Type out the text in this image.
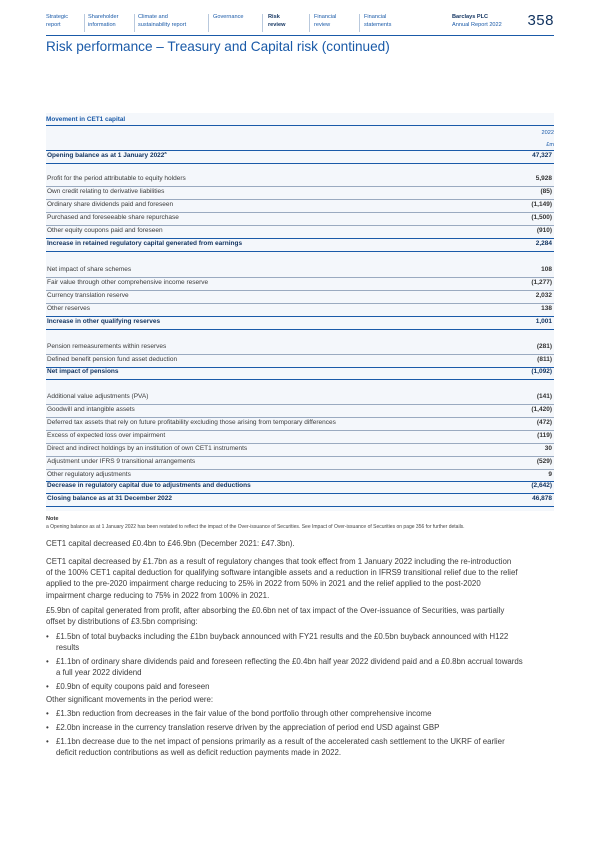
Strategic
report
Shareholder
information
Climate and
sustainability report
Governance	Risk
review
Financial
review
Financial
statements
Barclays PLC
Annual Report 2022 358
Risk performance – Treasury and Capital risk (continued)
Movement in CET1 capital
2022
£m
Opening balance as at 1 January 2022$^a$	47,327
Profit for the period attributable to equity holders	5,928
Own credit relating to derivative liabilities	(85)
Ordinary share dividends paid and foreseen	(1,149)
Purchased and foreseeable share repurchase	(1,500)
Other equity coupons paid and foreseen	(910)
Increase in retained regulatory capital generated from earnings	2,284
Net impact of share schemes	108
Fair value through other comprehensive income reserve	(1,277)
Currency translation reserve	2,032
Other reserves	138
Increase in other qualifying reserves	1,001
Pension remeasurements within reserves	(281)
Defined benefit pension fund asset deduction	(811)
Net impact of pensions	(1,092)
Additional value adjustments (PVA)	(141)
Goodwill and intangible assets	(1,420)
Deferred tax assets that rely on future profitability excluding those arising from temporary differences	(472)
Excess of expected loss over impairment	(119)
Direct and indirect holdings by an institution of own CET1 instruments	30
Adjustment under IFRS 9 transitional arrangements	(529)
Other regulatory adjustments	9
Decrease in regulatory capital due to adjustments and deductions	(2,642)
Closing balance as at 31 December 2022	46,878
Note
a Opening balance as at 1 January 2022 has been restated to reflect the impact of the Over-issuance of Securities. See Impact of Over-issuance of Securities on page 356 for further details.
CET1 capital decreased £0.4bn to £46.9bn (December 2021: £47.3bn).
CET1 capital decreased by £1.7bn as a result of regulatory changes that took effect from 1 January 2022 including the re-introduction
of the 100% CET1 capital deduction for qualifying software intangible assets and a reduction in IFRS9 transitional relief due to the relief
applied to the pre-2020 impairment charge reducing to 25% in 2022 from 50% in 2021 and the relief applied to the post-2020
impairment charge reducing to 75% in 2022 from 100% in 2021.
£5.9bn of capital generated from profit, after absorbing the £0.6bn net of tax impact of the Over-issuance of Securities, was partially
offset by distributions of £3.5bn comprising:
• £1.5bn of total buybacks including the £1bn buyback announced with FY21 results and the £0.5bn buyback announced with H122
results
• £1.1bn of ordinary share dividends paid and foreseen reflecting the £0.4bn half year 2022 dividend paid and a £0.8bn accrual towards
a full year 2022 dividend
• £0.9bn of equity coupons paid and foreseen
Other significant movements in the period were:
• £1.3bn reduction from decreases in the fair value of the bond portfolio through other comprehensive income
• £2.0bn increase in the currency translation reserve driven by the appreciation of period end USD against GBP
• £1.1bn decrease due to the net impact of pensions primarily as a result of the accelerated cash settlement to the UKRF of earlier
deficit reduction contributions as well as deficit reduction payments made in 2022.
